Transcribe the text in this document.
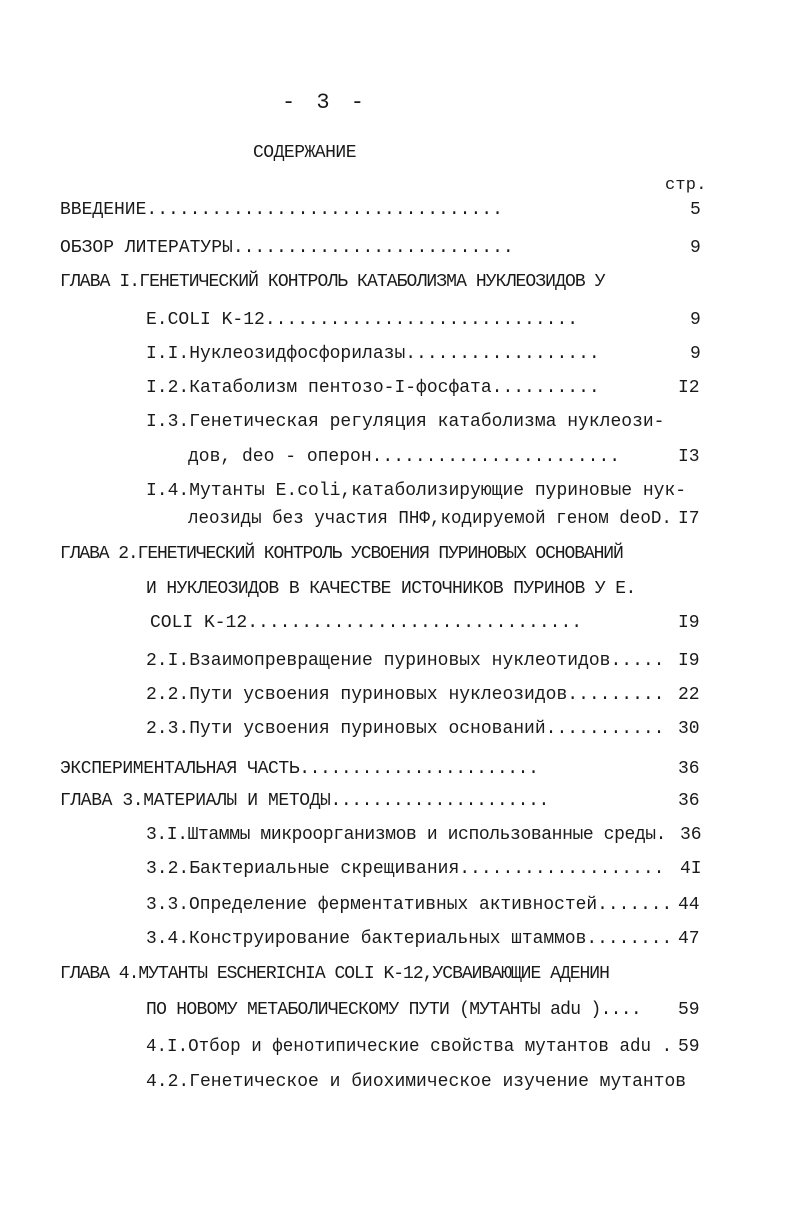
- 3 -
СОДЕРЖАНИЕ
стр.
ВВЕДЕНИЕ.................................	5
ОБЗОР ЛИТЕРАТУРЫ..........................	9
ГЛАВА I.ГЕНЕТИЧЕСКИЙ КОНТРОЛЬ КАТАБОЛИЗМА НУКЛЕОЗИДОВ У
E.COLI K-12.............................	9
I.I.Нуклеозидфосфорилазы..................	9
I.2.Катаболизм пентозо-I-фосфата..........	I2
I.3.Генетическая регуляция катаболизма нуклеози-
дов, deo - оперон.......................	I3
I.4.Мутанты E.coli,катаболизирующие пуриновые нук-
леозиды без участия ПНФ,кодируемой геном deoD. I7
ГЛАВА 2.ГЕНЕТИЧЕСКИЙ КОНТРОЛЬ УСВОЕНИЯ ПУРИНОВЫХ ОСНОВАНИЙ
И НУКЛЕОЗИДОВ В КАЧЕСТВЕ ИСТОЧНИКОВ ПУРИНОВ У E.
COLI K-12...............................	I9
2.I.Взаимопревращение пуриновых нуклеотидов..... I9
2.2.Пути усвоения пуриновых нуклеозидов......... 22
2.3.Пути усвоения пуриновых оснований........... 30
ЭКСПЕРИМЕНТАЛЬНАЯ ЧАСТЬ.......................	36
ГЛАВА 3.МАТЕРИАЛЫ И МЕТОДЫ.....................	36
3.I.Штаммы микроорганизмов и использованные среды. 36
3.2.Бактериальные скрещивания................... 4I
3.3.Определение ферментативных активностей....... 44
3.4.Конструирование бактериальных штаммов........ 47
ГЛАВА 4.МУТАНТЫ ESCHERICHIA COLI K-12,УСВАИВАЮЩИЕ АДЕНИН
ПО НОВОМУ МЕТАБОЛИЧЕСКОМУ ПУТИ (МУТАНТЫ adu ).... 59
4.I.Отбор и фенотипические свойства мутантов adu . 59
4.2.Генетическое и биохимическое изучение мутантов
